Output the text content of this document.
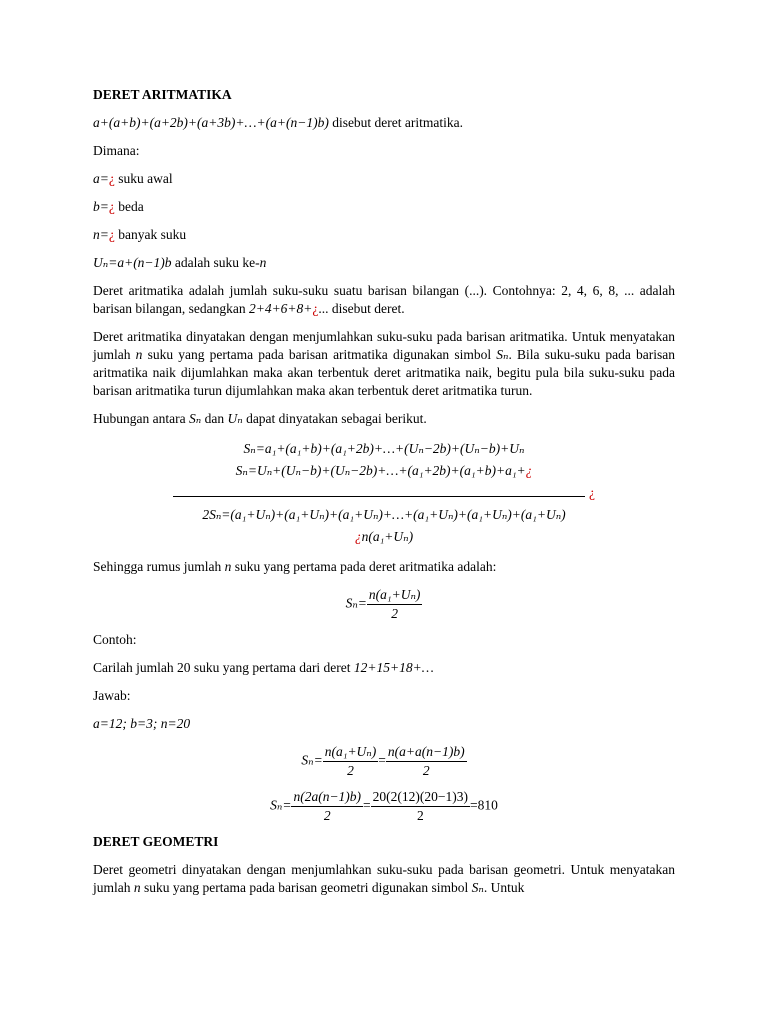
DERET ARITMATIKA
a+(a+b)+(a+2b)+(a+3b)+…+(a+(n−1)b) disebut deret aritmatika.
Dimana:
a=¿ suku awal
b=¿ beda
n=¿ banyak suku
Uₙ=a+(n−1)b adalah suku ke-n
Deret aritmatika adalah jumlah suku-suku suatu barisan bilangan (...). Contohnya: 2, 4, 6, 8, ... adalah barisan bilangan, sedangkan 2+4+6+8+¿... disebut deret.
Deret aritmatika dinyatakan dengan menjumlahkan suku-suku pada barisan aritmatika. Untuk menyatakan jumlah n suku yang pertama pada barisan aritmatika digunakan simbol Sₙ. Bila suku-suku pada barisan aritmatika naik dijumlahkan maka akan terbentuk deret aritmatika naik, begitu pula bila suku-suku pada barisan aritmatika turun dijumlahkan maka akan terbentuk deret aritmatika turun.
Hubungan antara Sₙ dan Uₙ dapat dinyatakan sebagai berikut.
Sₙ=a₁+(a₁+b)+(a₁+2b)+…+(Uₙ−2b)+(Uₙ−b)+Uₙ
Sₙ=Uₙ+(Uₙ−b)+(Uₙ−2b)+…+(a₁+2b)+(a₁+b)+a₁+¿
¿
2Sₙ=(a₁+Uₙ)+(a₁+Uₙ)+(a₁+Uₙ)+…+(a₁+Uₙ)+(a₁+Uₙ)+(a₁+Uₙ)
¿n(a₁+Uₙ)
Sehingga rumus jumlah n suku yang pertama pada deret aritmatika adalah:
$S_n= \frac{\text{n(a₁+Uₙ)}}{2}$
Contoh:
Carilah jumlah 20 suku yang pertama dari deret 12+15+18+…
Jawab:
a=12; b=3; n=20
$S_n= \frac{\text{n(a₁+Uₙ)}}{2} = \frac{n(a+a(n-1)b)}{2}$
$S_n= \frac{n(2a(n-1)b)}{2} = \frac{20(2(12)(20-1)3)}{2} =810$
DERET GEOMETRI
Deret geometri dinyatakan dengan menjumlahkan suku-suku pada barisan geometri. Untuk menyatakan jumlah n suku yang pertama pada barisan geometri digunakan simbol Sₙ. Untuk
